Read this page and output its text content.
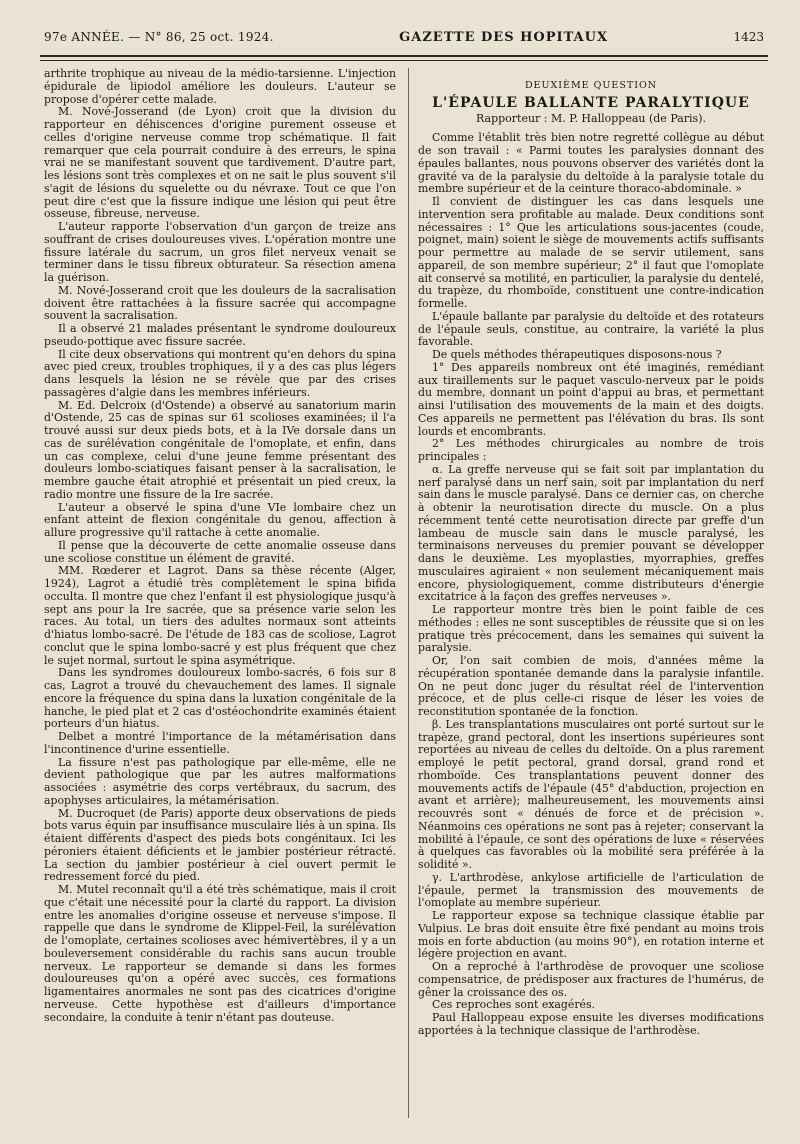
97e ANNÉE. — N° 86, 25 oct. 1924.	GAZETTE DES HOPITAUX	1423

arthrite trophique au niveau de la médio-tarsienne. L'injection épidurale de lipiodol améliore les douleurs. L'auteur se propose d'opérer cette malade.

M. Nové-Josserand (de Lyon) croit que la division du rapporteur en déhiscences d'origine purement osseuse et celles d'origine nerveuse comme trop schématique. Il fait remarquer que cela pourrait conduire à des erreurs, le spina vrai ne se manifestant souvent que tardivement. D'autre part, les lésions sont très complexes et on ne sait le plus souvent s'il s'agit de lésions du squelette ou du névraxe. Tout ce que l'on peut dire c'est que la fissure indique une lésion qui peut être osseuse, fibreuse, nerveuse.

L'auteur rapporte l'observation d'un garçon de treize ans souffrant de crises douloureuses vives. L'opération montre une fissure latérale du sacrum, un gros filet nerveux venait se terminer dans le tissu fibreux obturateur. Sa résection amena la guérison.

M. Nové-Josserand croit que les douleurs de la sacralisation doivent être rattachées à la fissure sacrée qui accompagne souvent la sacralisation.

Il a observé 21 malades présentant le syndrome douloureux pseudo-pottique avec fissure sacrée.

Il cite deux observations qui montrent qu'en dehors du spina avec pied creux, troubles trophiques, il y a des cas plus légers dans lesquels la lésion ne se révèle que par des crises passagères d'algie dans les membres inférieurs.

M. Ed. Delcroix (d'Ostende) a observé au sanatorium marin d'Ostende, 25 cas de spinas sur 61 scolioses examinées; il l'a trouvé aussi sur deux pieds bots, et à la IVe dorsale dans un cas de surélévation congénitale de l'omoplate, et enfin, dans un cas complexe, celui d'une jeune femme présentant des douleurs lombo-sciatiques faisant penser à la sacralisation, le membre gauche était atrophié et présentait un pied creux, la radio montre une fissure de la Ire sacrée.

L'auteur a observé le spina d'une VIe lombaire chez un enfant atteint de flexion congénitale du genou, affection à allure progressive qu'il rattache à cette anomalie.

Il pense que la découverte de cette anomalie osseuse dans une scoliose constitue un élément de gravité.

MM. Rœderer et Lagrot. Dans sa thèse récente (Alger, 1924), Lagrot a étudié très complètement le spina bifida occulta. Il montre que chez l'enfant il est physiologique jusqu'à sept ans pour la Ire sacrée, que sa présence varie selon les races. Au total, un tiers des adultes normaux sont atteints d'hiatus lombo-sacré. De l'étude de 183 cas de scoliose, Lagrot conclut que le spina lombo-sacré y est plus fréquent que chez le sujet normal, surtout le spina asymétrique.

Dans les syndromes douloureux lombo-sacrés, 6 fois sur 8 cas, Lagrot a trouvé du chevauchement des lames. Il signale encore la fréquence du spina dans la luxation congénitale de la hanche, le pied plat et 2 cas d'ostéochondrite examinés étaient porteurs d'un hiatus.

Delbet a montré l'importance de la métamérisation dans l'incontinence d'urine essentielle.

La fissure n'est pas pathologique par elle-même, elle ne devient pathologique que par les autres malformations associées : asymétrie des corps vertébraux, du sacrum, des apophyses articulaires, la métamérisation.

M. Ducroquet (de Paris) apporte deux observations de pieds bots varus équin par insuffisance musculaire liés à un spina. Ils étaient différents d'aspect des pieds bots congénitaux. Ici les péroniers étaient déficients et le jambier postérieur rétracté. La section du jambier postérieur à ciel ouvert permit le redressement forcé du pied.

M. Mutel reconnaît qu'il a été très schématique, mais il croit que c'était une nécessité pour la clarté du rapport. La division entre les anomalies d'origine osseuse et nerveuse s'impose. Il rappelle que dans le syndrome de Klippel-Feil, la surélévation de l'omoplate, certaines scolioses avec hémivertèbres, il y a un bouleversement considérable du rachis sans aucun trouble nerveux. Le rapporteur se demande si dans les formes douloureuses qu'on a opéré avec succès, ces formations ligamentaires anormales ne sont pas des cicatrices d'origine nerveuse. Cette hypothèse est d'ailleurs d'importance secondaire, la conduite à tenir n'étant pas douteuse.

DEUXIÈME QUESTION
L'ÉPAULE BALLANTE PARALYTIQUE
Rapporteur : M. P. Halloppeau (de Paris).

Comme l'établit très bien notre regretté collègue au début de son travail : « Parmi toutes les paralysies donnant des épaules ballantes, nous pouvons observer des variétés dont la gravité va de la paralysie du deltoïde à la paralysie totale du membre supérieur et de la ceinture thoraco-abdominale. »

Il convient de distinguer les cas dans lesquels une intervention sera profitable au malade. Deux conditions sont nécessaires : 1° Que les articulations sous-jacentes (coude, poignet, main) soient le siège de mouvements actifs suffisants pour permettre au malade de se servir utilement, sans appareil, de son membre supérieur; 2° il faut que l'omoplate ait conservé sa motilité, en particulier, la paralysie du dentelé, du trapèze, du rhomboïde, constituent une contre-indication formelle.

L'épaule ballante par paralysie du deltoïde et des rotateurs de l'épaule seuls, constitue, au contraire, la variété la plus favorable.

De quels méthodes thérapeutiques disposons-nous ?

1° Des appareils nombreux ont été imaginés, remédiant aux tiraillements sur le paquet vasculo-nerveux par le poids du membre, donnant un point d'appui au bras, et permettant ainsi l'utilisation des mouvements de la main et des doigts. Ces appareils ne permettent pas l'élévation du bras. Ils sont lourds et encombrants.

2° Les méthodes chirurgicales au nombre de trois principales :

α. La greffe nerveuse qui se fait soit par implantation du nerf paralysé dans un nerf sain, soit par implantation du nerf sain dans le muscle paralysé. Dans ce dernier cas, on cherche à obtenir la neurotisation directe du muscle. On a plus récemment tenté cette neurotisation directe par greffe d'un lambeau de muscle sain dans le muscle paralysé, les terminaisons nerveuses du premier pouvant se développer dans le deuxième. Les myoplasties, myorraphies, greffes musculaires agiraient « non seulement mécaniquement mais encore, physiologiquement, comme distributeurs d'énergie excitatrice à la façon des greffes nerveuses ».

Le rapporteur montre très bien le point faible de ces méthodes : elles ne sont susceptibles de réussite que si on les pratique très précocement, dans les semaines qui suivent la paralysie.

Or, l'on sait combien de mois, d'années même la récupération spontanée demande dans la paralysie infantile. On ne peut donc juger du résultat réel de l'intervention précoce, et de plus celle-ci risque de léser les voies de reconstitution spontanée de la fonction.

β. Les transplantations musculaires ont porté surtout sur le trapèze, grand pectoral, dont les insertions supérieures sont reportées au niveau de celles du deltoïde. On a plus rarement employé le petit pectoral, grand dorsal, grand rond et rhomboïde. Ces transplantations peuvent donner des mouvements actifs de l'épaule (45° d'abduction, projection en avant et arrière); malheureusement, les mouvements ainsi recouvrés sont « dénués de force et de précision ». Néanmoins ces opérations ne sont pas à rejeter; conservant la mobilité à l'épaule, ce sont des opérations de luxe « réservées à quelques cas favorables où la mobilité sera préférée à la solidité ».

γ. L'arthrodèse, ankylose artificielle de l'articulation de l'épaule, permet la transmission des mouvements de l'omoplate au membre supérieur.

Le rapporteur expose sa technique classique établie par Vulpius. Le bras doit ensuite être fixé pendant au moins trois mois en forte abduction (au moins 90°), en rotation interne et légère projection en avant.

On a reproché à l'arthrodèse de provoquer une scoliose compensatrice, de prédisposer aux fractures de l'humérus, de gêner la croissance des os.

Ces reproches sont exagérés.

Paul Halloppeau expose ensuite les diverses modifications apportées à la technique classique de l'arthrodèse.
